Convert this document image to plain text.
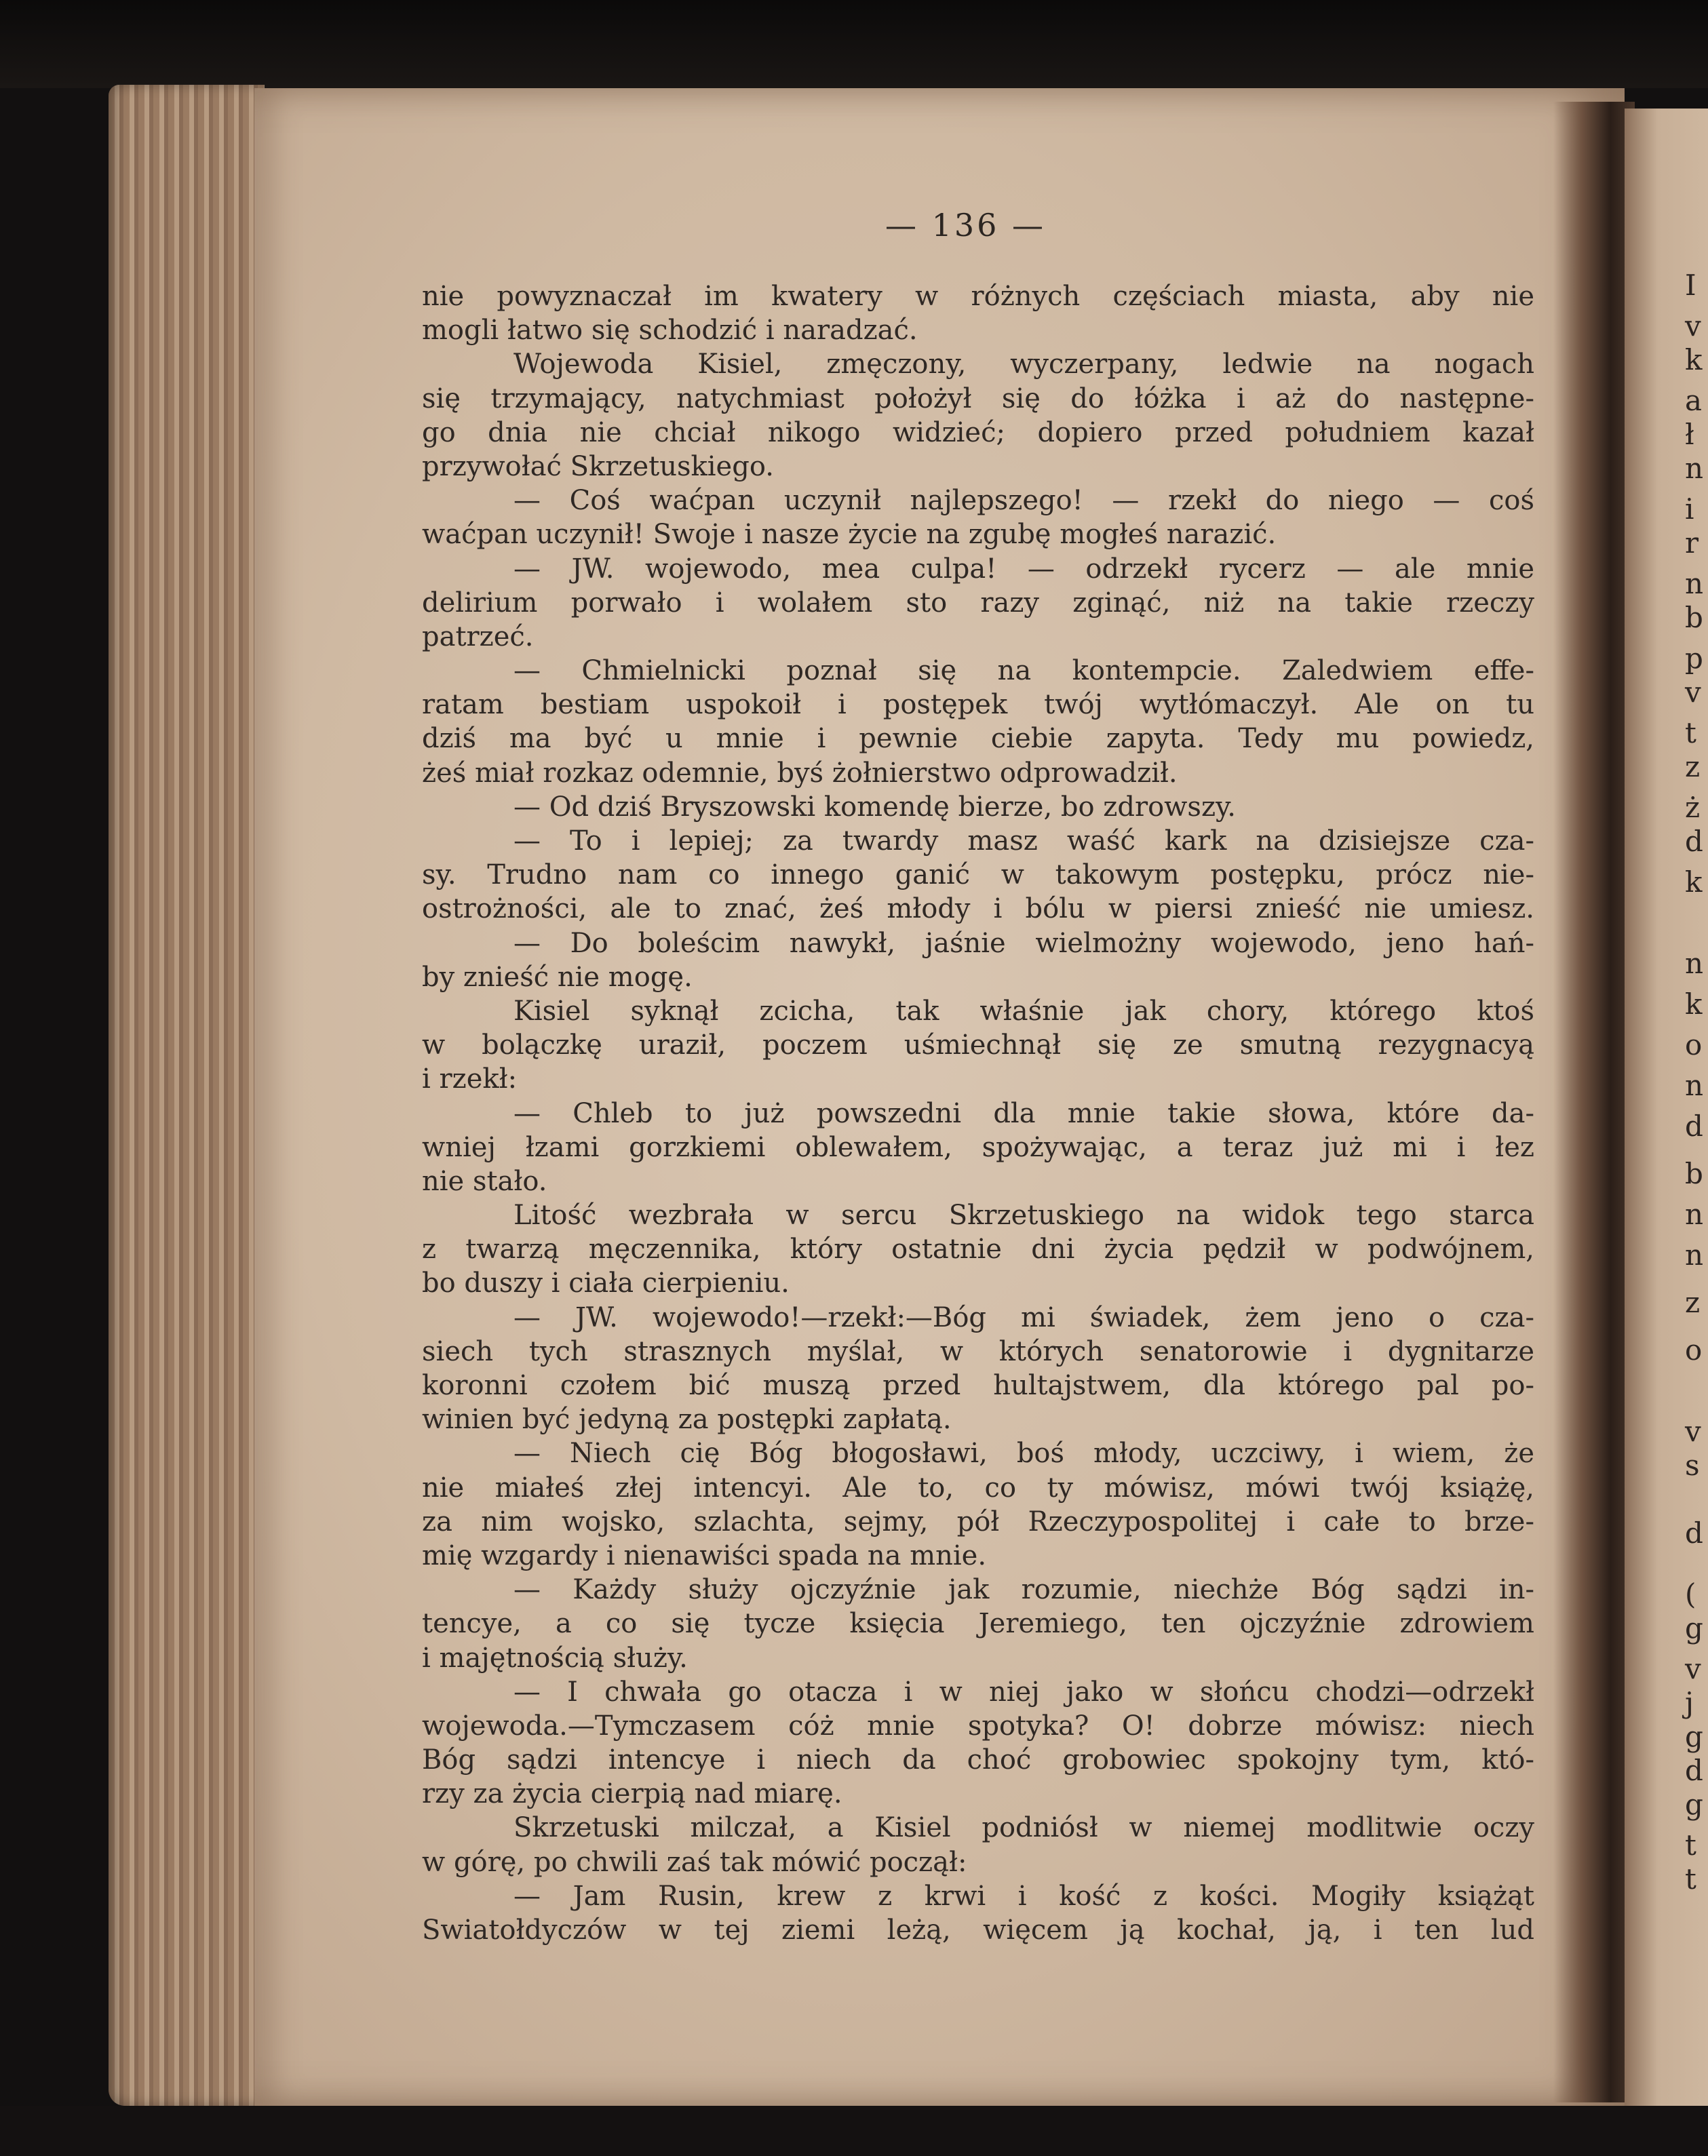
I
v
k
a
ł
n
i
r
n
b
p
v
t
z
ż
d
k
n
k
o
n
d
b
n
n
z
o
v
s
d
(
g
v
j
g
d
g
t
t
— 136 —
nie powyznaczał im kwatery w różnych częściach miasta, aby nie
mogli łatwo się schodzić i naradzać.
Wojewoda Kisiel, zmęczony, wyczerpany, ledwie na nogach
się trzymający, natychmiast położył się do łóżka i aż do następne-
go dnia nie chciał nikogo widzieć; dopiero przed południem kazał
przywołać Skrzetuskiego.
— Coś waćpan uczynił najlepszego! — rzekł do niego — coś
waćpan uczynił! Swoje i nasze życie na zgubę mogłeś narazić.
— JW. wojewodo, mea culpa! — odrzekł rycerz — ale mnie
delirium porwało i wolałem sto razy zginąć, niż na takie rzeczy
patrzeć.
— Chmielnicki poznał się na kontempcie. Zaledwiem effe-
ratam bestiam uspokoił i postępek twój wytłómaczył. Ale on tu
dziś ma być u mnie i pewnie ciebie zapyta. Tedy mu powiedz,
żeś miał rozkaz odemnie, byś żołnierstwo odprowadził.
— Od dziś Bryszowski komendę bierze, bo zdrowszy.
— To i lepiej; za twardy masz waść kark na dzisiejsze cza-
sy. Trudno nam co innego ganić w takowym postępku, prócz nie-
ostrożności, ale to znać, żeś młody i bólu w piersi znieść nie umiesz.
— Do boleścim nawykł, jaśnie wielmożny wojewodo, jeno hań-
by znieść nie mogę.
Kisiel syknął zcicha, tak właśnie jak chory, którego ktoś
w bolączkę uraził, poczem uśmiechnął się ze smutną rezygnacyą
i rzekł:
— Chleb to już powszedni dla mnie takie słowa, które da-
wniej łzami gorzkiemi oblewałem, spożywając, a teraz już mi i łez
nie stało.
Litość wezbrała w sercu Skrzetuskiego na widok tego starca
z twarzą męczennika, który ostatnie dni życia pędził w podwójnem,
bo duszy i ciała cierpieniu.
— JW. wojewodo!—rzekł:—Bóg mi świadek, żem jeno o cza-
siech tych strasznych myślał, w których senatorowie i dygnitarze
koronni czołem bić muszą przed hultajstwem, dla którego pal po-
winien być jedyną za postępki zapłatą.
— Niech cię Bóg błogosławi, boś młody, uczciwy, i wiem, że
nie miałeś złej intencyi. Ale to, co ty mówisz, mówi twój książę,
za nim wojsko, szlachta, sejmy, pół Rzeczypospolitej i całe to brze-
mię wzgardy i nienawiści spada na mnie.
— Każdy służy ojczyźnie jak rozumie, niechże Bóg sądzi in-
tencye, a co się tycze księcia Jeremiego, ten ojczyźnie zdrowiem
i majętnością służy.
— I chwała go otacza i w niej jako w słońcu chodzi—odrzekł
wojewoda.—Tymczasem cóż mnie spotyka? O! dobrze mówisz: niech
Bóg sądzi intencye i niech da choć grobowiec spokojny tym, któ-
rzy za życia cierpią nad miarę.
Skrzetuski milczał, a Kisiel podniósł w niemej modlitwie oczy
w górę, po chwili zaś tak mówić począł:
— Jam Rusin, krew z krwi i kość z kości. Mogiły książąt
Swiatołdyczów w tej ziemi leżą, więcem ją kochał, ją, i ten lud
